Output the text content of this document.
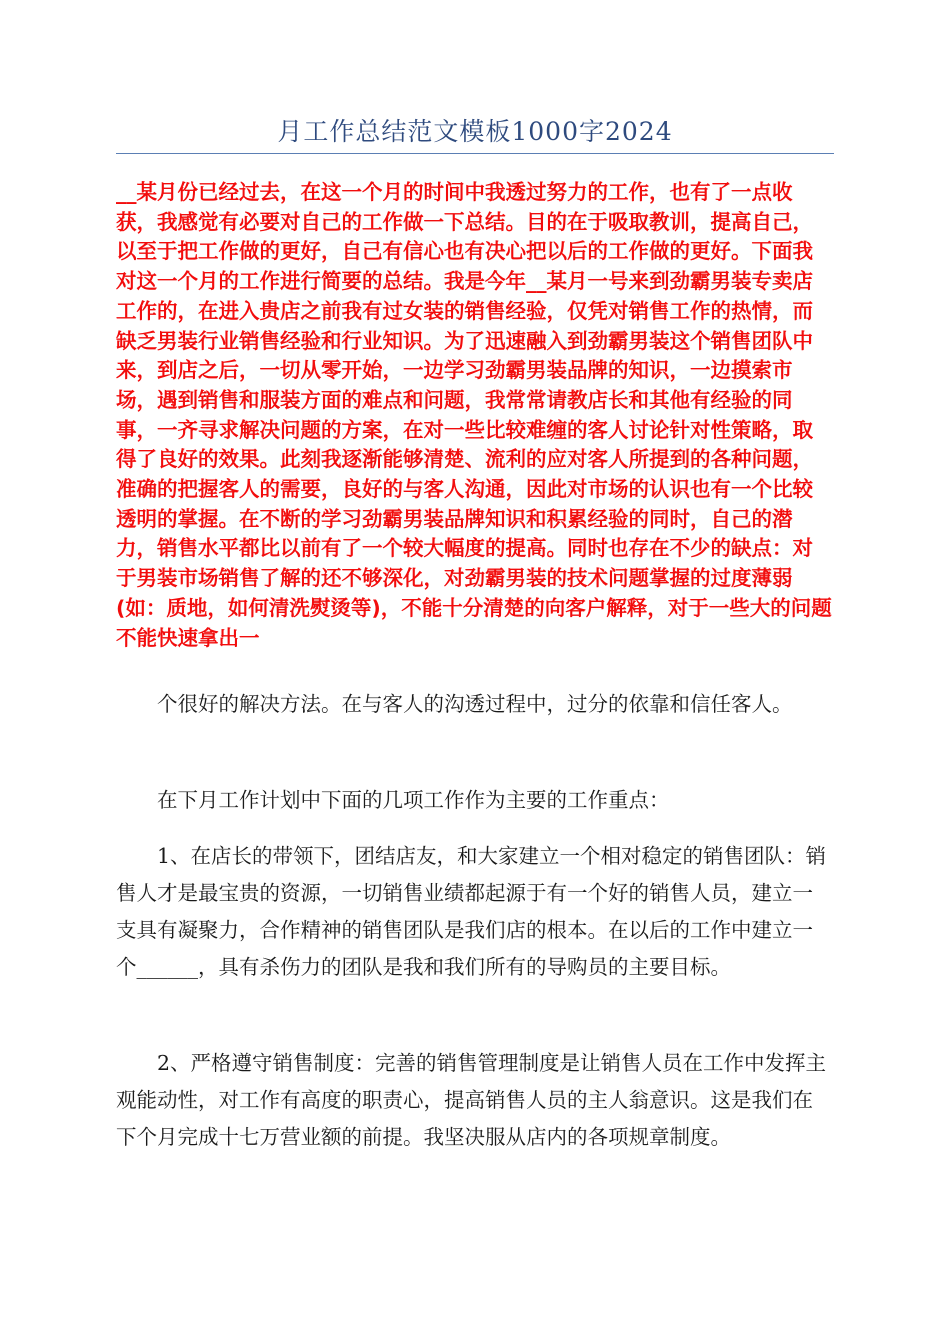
月工作总结范文模板1000字2024

__某月份已经过去，在这一个月的时间中我透过努力的工作，也有了一点收获，我感觉有必要对自己的工作做一下总结。目的在于吸取教训，提高自己，以至于把工作做的更好，自己有信心也有决心把以后的工作做的更好。下面我对这一个月的工作进行简要的总结。我是今年__某月一号来到劲霸男装专卖店工作的，在进入贵店之前我有过女装的销售经验，仅凭对销售工作的热情，而缺乏男装行业销售经验和行业知识。为了迅速融入到劲霸男装这个销售团队中来，到店之后，一切从零开始，一边学习劲霸男装品牌的知识，一边摸索市场，遇到销售和服装方面的难点和问题，我常常请教店长和其他有经验的同事，一齐寻求解决问题的方案，在对一些比较难缠的客人讨论针对性策略，取得了良好的效果。此刻我逐渐能够清楚、流利的应对客人所提到的各种问题，准确的把握客人的需要，良好的与客人沟通，因此对市场的认识也有一个比较透明的掌握。在不断的学习劲霸男装品牌知识和积累经验的同时，自己的潜力，销售水平都比以前有了一个较大幅度的提高。同时也存在不少的缺点：对于男装市场销售了解的还不够深化，对劲霸男装的技术问题掌握的过度薄弱(如：质地，如何清洗熨烫等)，不能十分清楚的向客户解释，对于一些大的问题不能快速拿出一

个很好的解决方法。在与客人的沟透过程中，过分的依靠和信任客人。

在下月工作计划中下面的几项工作作为主要的工作重点：

1、在店长的带领下，团结店友，和大家建立一个相对稳定的销售团队：销售人才是最宝贵的资源，一切销售业绩都起源于有一个好的销售人员，建立一支具有凝聚力，合作精神的销售团队是我们店的根本。在以后的工作中建立一个______，具有杀伤力的团队是我和我们所有的导购员的主要目标。

2、严格遵守销售制度：完善的销售管理制度是让销售人员在工作中发挥主观能动性，对工作有高度的职责心，提高销售人员的主人翁意识。这是我们在下个月完成十七万营业额的前提。我坚决服从店内的各项规章制度。
